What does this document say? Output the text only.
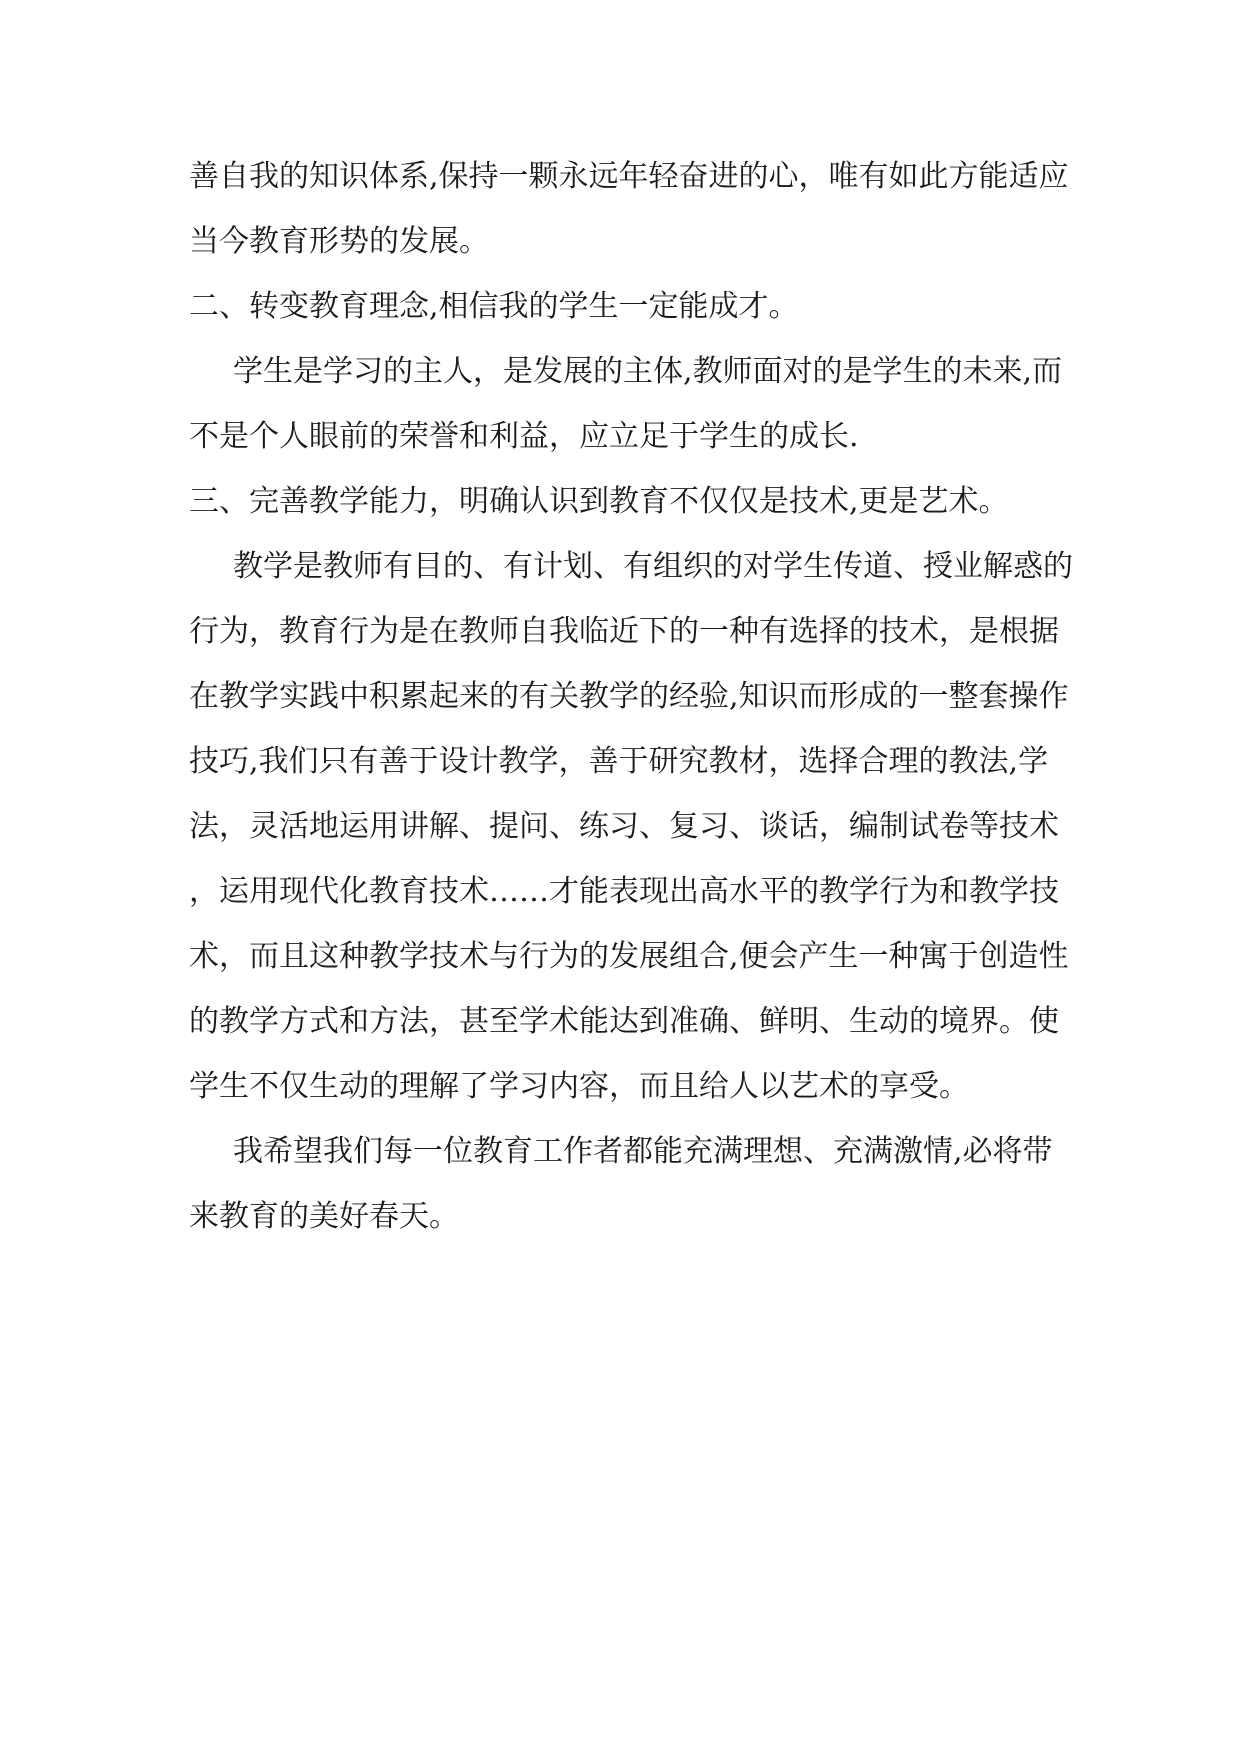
善自我的知识体系,保持一颗永远年轻奋进的心，唯有如此方能适应
当今教育形势的发展。
二、转变教育理念,相信我的学生一定能成才。
学生是学习的主人，是发展的主体,教师面对的是学生的未来,而
不是个人眼前的荣誉和利益，应立足于学生的成长.
三、完善教学能力，明确认识到教育不仅仅是技术,更是艺术。
教学是教师有目的、有计划、有组织的对学生传道、授业解惑的
行为，教育行为是在教师自我临近下的一种有选择的技术，是根据
在教学实践中积累起来的有关教学的经验,知识而形成的一整套操作
技巧,我们只有善于设计教学，善于研究教材，选择合理的教法,学
法，灵活地运用讲解、提问、练习、复习、谈话，编制试卷等技术
，运用现代化教育技术……才能表现出高水平的教学行为和教学技
术，而且这种教学技术与行为的发展组合,便会产生一种寓于创造性
的教学方式和方法，甚至学术能达到准确、鲜明、生动的境界。使
学生不仅生动的理解了学习内容，而且给人以艺术的享受。
我希望我们每一位教育工作者都能充满理想、充满激情,必将带
来教育的美好春天。
